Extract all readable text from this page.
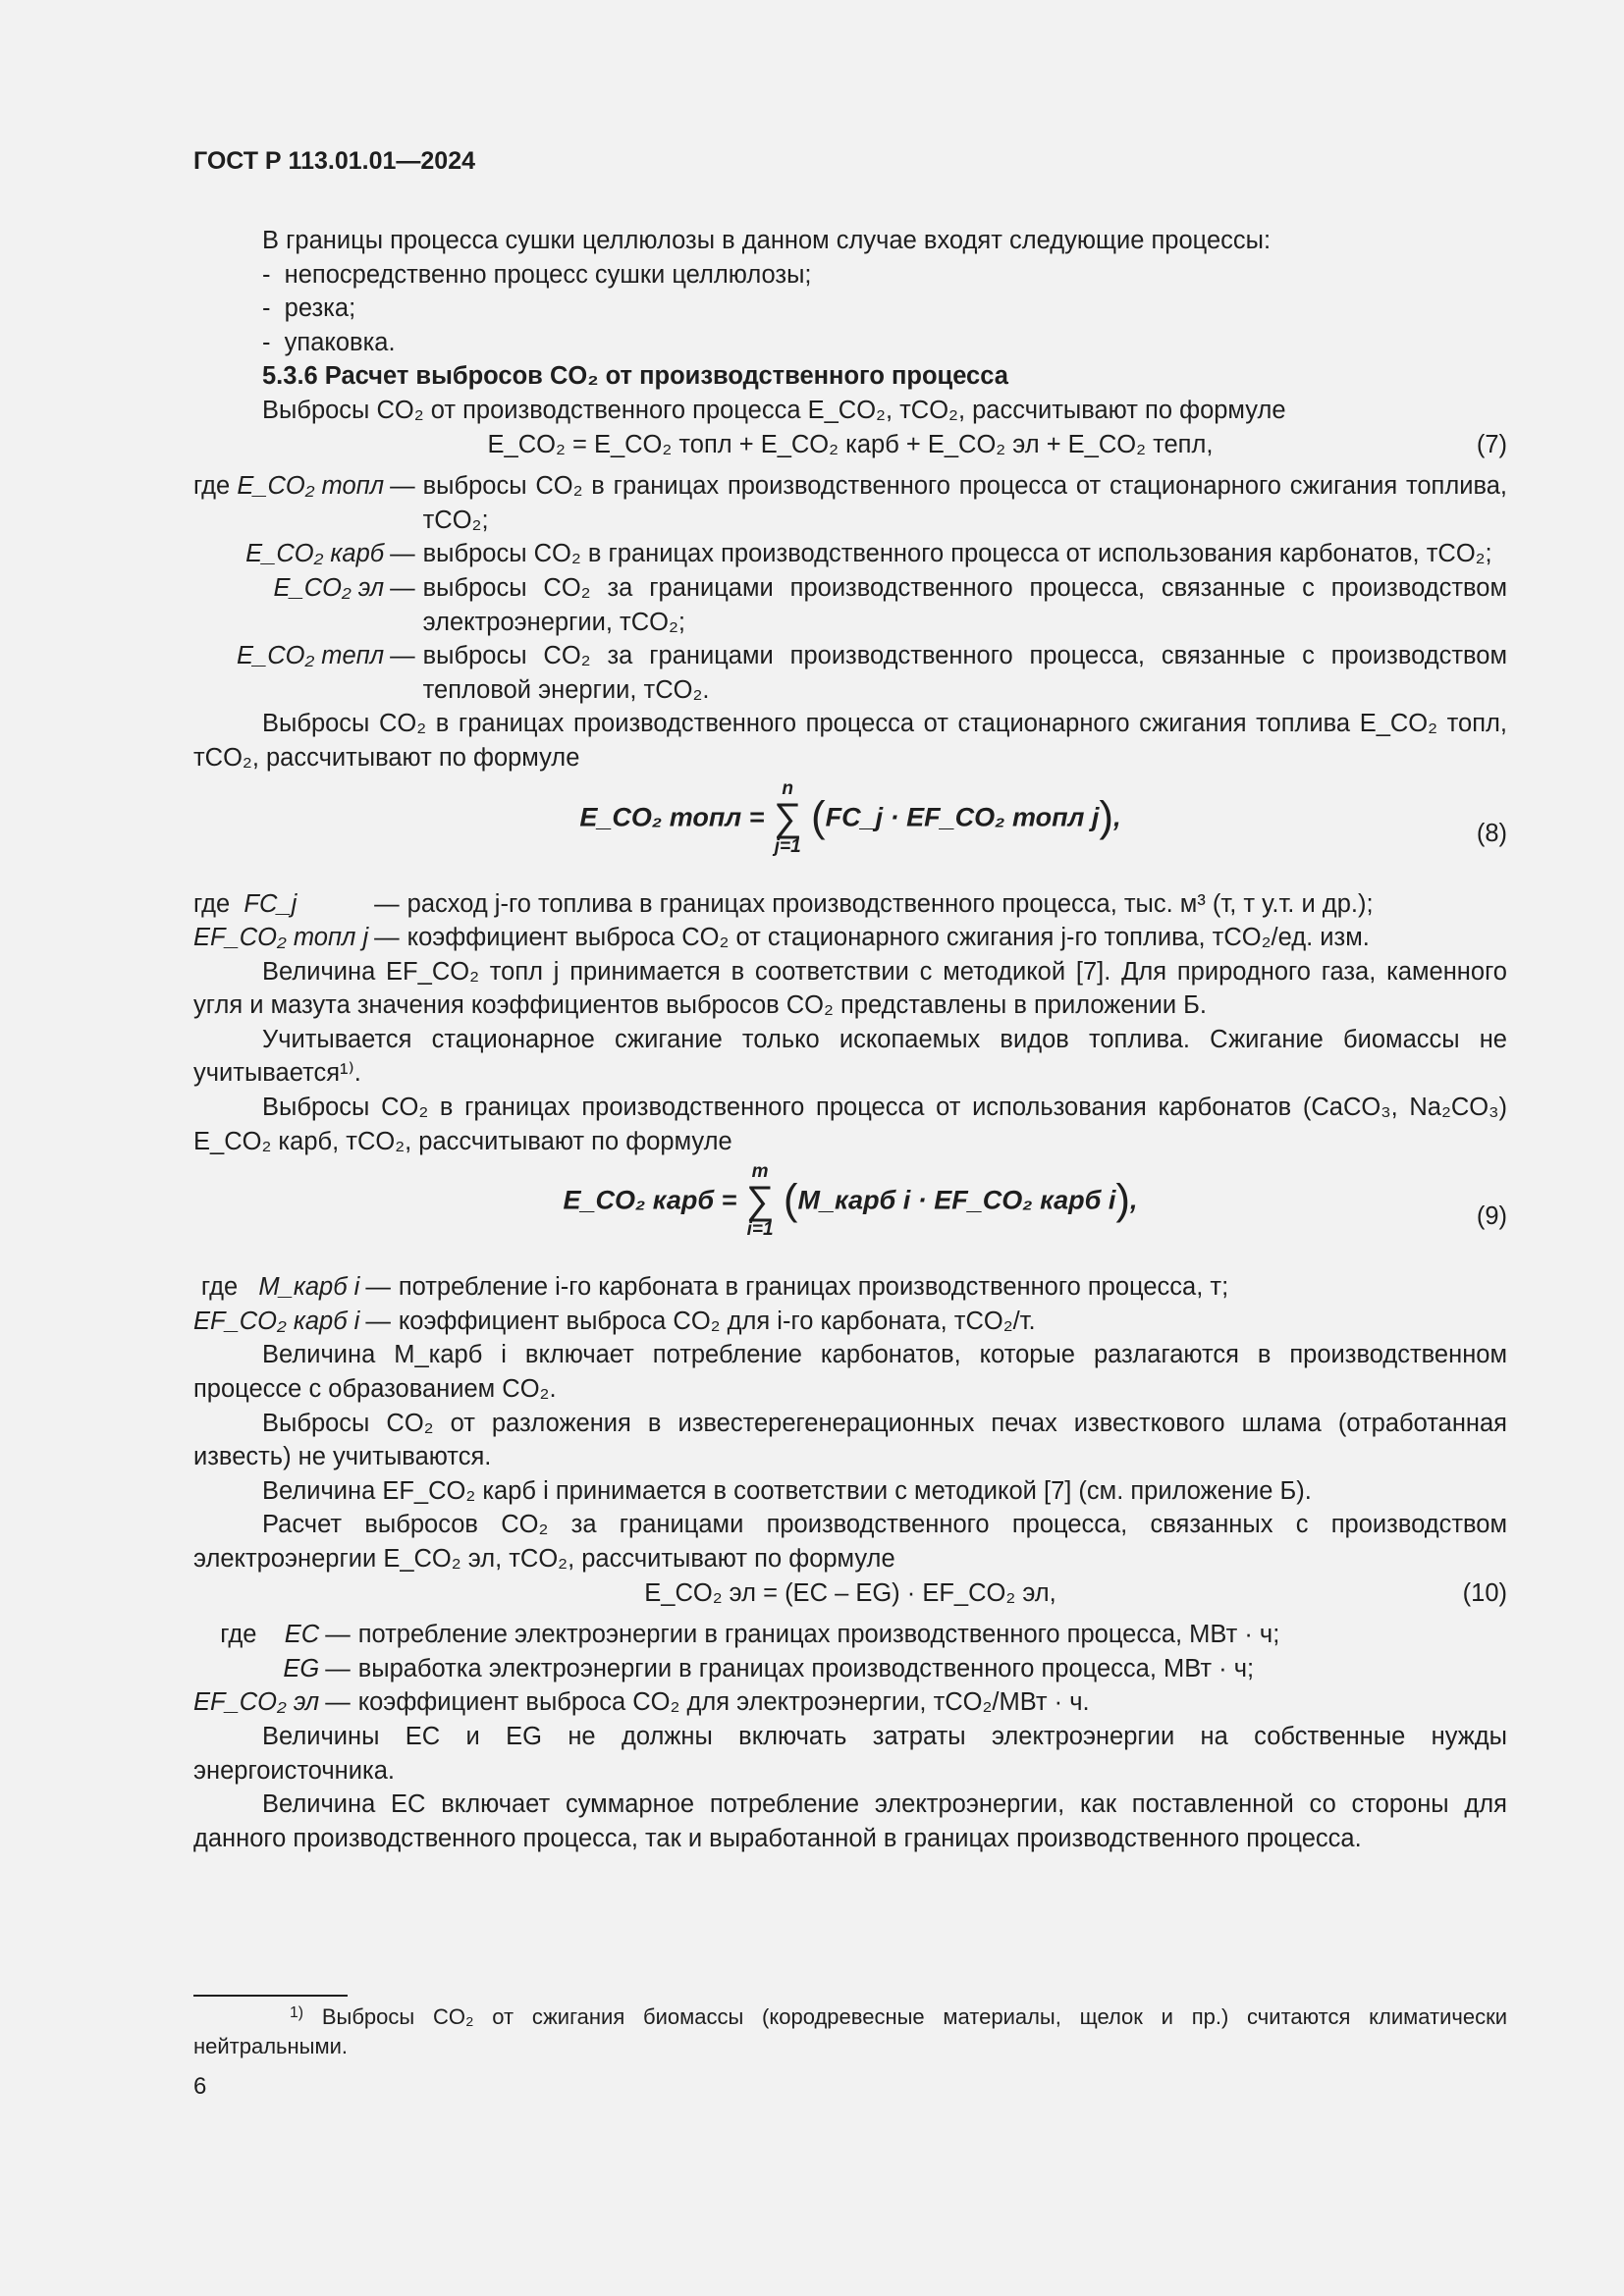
ГОСТ Р 113.01.01—2024

В границы процесса сушки целлюлозы в данном случае входят следующие процессы:

-  непосредственно процесс сушки целлюлозы;

-  резка;

-  упаковка.

5.3.6 Расчет выбросов CO₂ от производственного процесса

Выбросы CO₂ от производственного процесса E_CO₂, тCO₂, рассчитывают по формуле

E_CO₂ = E_CO₂ топл + E_CO₂ карб + E_CO₂ эл + E_CO₂ тепл,	(7)
где E_CO₂ топл	—	выбросы CO₂ в границах производственного процесса от стационарного сжигания топлива, тCO₂;
E_CO₂ карб	—	выбросы CO₂ в границах производственного процесса от использования карбонатов, тCO₂;
E_CO₂ эл	—	выбросы CO₂ за границами производственного процесса, связанные с производством электроэнергии, тCO₂;
E_CO₂ тепл	—	выбросы CO₂ за границами производственного процесса, связанные с производством тепловой энергии, тCO₂.

Выбросы CO₂ в границах производственного процесса от стационарного сжигания топлива E_CO₂ топл, тCO₂, рассчитывают по формуле

E_CO₂ топл =
n
∑
j=1
(FC_j · EF_CO₂ топл j),
(8)
где FC_j	—	расход j-го топлива в границах производственного процесса, тыс. м³ (т, т у.т. и др.);
EF_CO₂ топл j	—	коэффициент выброса CO₂ от стационарного сжигания j-го топлива, тCO₂/ед. изм.

Величина EF_CO₂ топл j принимается в соответствии с методикой [7]. Для природного газа, каменного угля и мазута значения коэффициентов выбросов CO₂ представлены в приложении Б.

Учитывается стационарное сжигание только ископаемых видов топлива. Сжигание биомассы не учитывается¹⁾.

Выбросы CO₂ в границах производственного процесса от использования карбонатов (CaCO₃, Na₂CO₃) E_CO₂ карб, тCO₂, рассчитывают по формуле

E_CO₂ карб =
m
∑
i=1
(M_карб i · EF_CO₂ карб i),
(9)
где M_карб i	—	потребление i-го карбоната в границах производственного процесса, т;
EF_CO₂ карб i	—	коэффициент выброса CO₂ для i-го карбоната, тCO₂/т.

Величина M_карб i включает потребление карбонатов, которые разлагаются в производственном процессе с образованием CO₂.

Выбросы CO₂ от разложения в известерегенерационных печах известкового шлама (отработанная известь) не учитываются.

Величина EF_CO₂ карб i принимается в соответствии с методикой [7] (см. приложение Б).

Расчет выбросов CO₂ за границами производственного процесса, связанных с производством электроэнергии E_CO₂ эл, тCO₂, рассчитывают по формуле

E_CO₂ эл = (EC – EG) · EF_CO₂ эл,	(10)
где EC	—	потребление электроэнергии в границах производственного процесса, МВт · ч;
EG	—	выработка электроэнергии в границах производственного процесса, МВт · ч;
EF_CO₂ эл	—	коэффициент выброса CO₂ для электроэнергии, тCO₂/МВт · ч.

Величины EC и EG не должны включать затраты электроэнергии на собственные нужды энергоисточника.

Величина EC включает суммарное потребление электроэнергии, как поставленной со стороны для данного производственного процесса, так и выработанной в границах производственного процесса.

$^{1)}$ Выбросы CO₂ от сжигания биомассы (кородревесные материалы, щелок и пр.) считаются климатически нейтральными.
6
